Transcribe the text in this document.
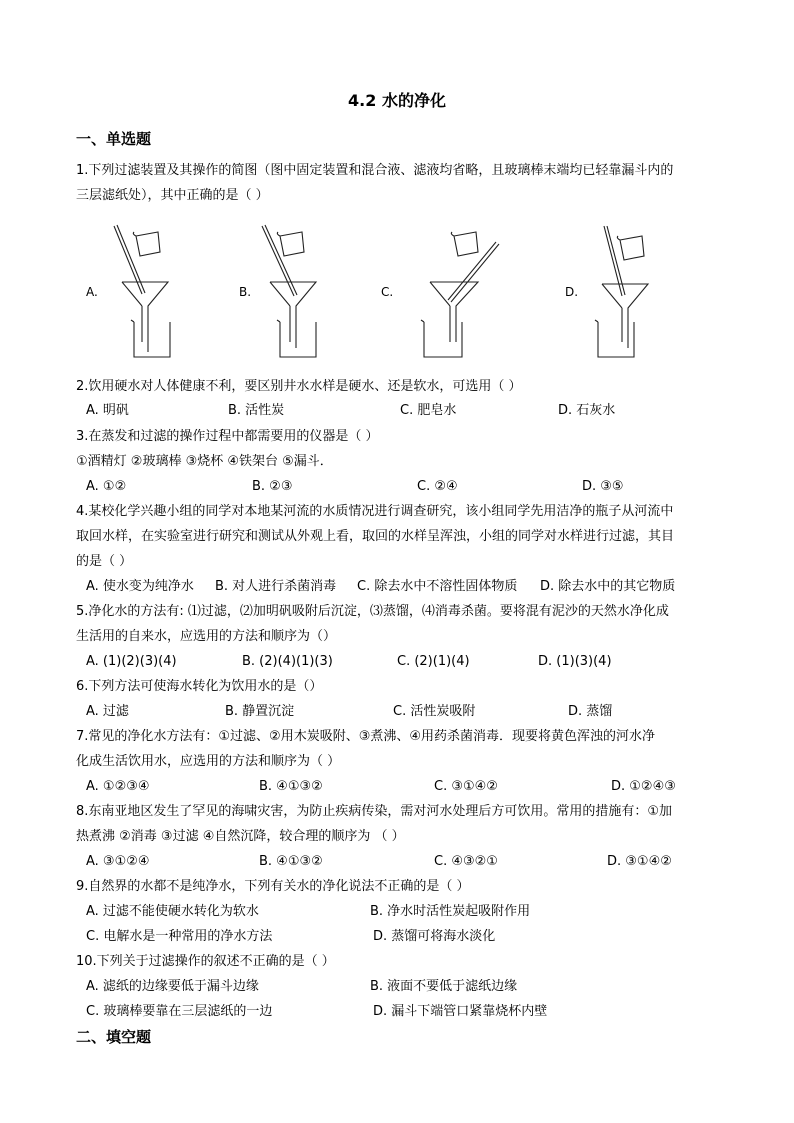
4.2 水的净化
一、单选题
1.下列过滤装置及其操作的简图（图中固定装置和混合液、滤液均省略，且玻璃棒末端均已轻靠漏斗内的
三层滤纸处），其中正确的是（ ）
A.	B.	C.	D.
2.饮用硬水对人体健康不利，要区别井水水样是硬水、还是软水，可选用（ ）
A. 明矾	B. 活性炭	C. 肥皂水	D. 石灰水
3.在蒸发和过滤的操作过程中都需要用的仪器是（ ）
①酒精灯 ②玻璃棒 ③烧杯 ④铁架台 ⑤漏斗．
A. ①②	B. ②③	C. ②④	D. ③⑤
4.某校化学兴趣小组的同学对本地某河流的水质情况进行调查研究，该小组同学先用洁净的瓶子从河流中
取回水样，在实验室进行研究和测试从外观上看，取回的水样呈浑浊，小组的同学对水样进行过滤，其目
的是（ ）
A. 使水变为纯净水 B. 对人进行杀菌消毒 C. 除去水中不溶性固体物质 D. 除去水中的其它物质
5.净化水的方法有: ⑴过滤，⑵加明矾吸附后沉淀，⑶蒸馏，⑷消毒杀菌。要将混有泥沙的天然水净化成
生活用的自来水，应选用的方法和顺序为（）
A. (1)(2)(3)(4)	B. (2)(4)(1)(3)	C. (2)(1)(4)	D. (1)(3)(4)
6.下列方法可使海水转化为饮用水的是（）
A. 过滤	B. 静置沉淀	C. 活性炭吸附	D. 蒸馏
7.常见的净化水方法有：①过滤、②用木炭吸附、③煮沸、④用药杀菌消毒．现要将黄色浑浊的河水净
化成生活饮用水，应选用的方法和顺序为（ ）
A. ①②③④	B. ④①③②	C. ③①④②	D. ①②④③
8.东南亚地区发生了罕见的海啸灾害，为防止疾病传染，需对河水处理后方可饮用。常用的措施有：①加
热煮沸 ②消毒 ③过滤 ④自然沉降，较合理的顺序为 （ ）
A. ③①②④	B. ④①③②	C. ④③②①	D. ③①④②
9.自然界的水都不是纯净水，下列有关水的净化说法不正确的是（ ）
A. 过滤不能使硬水转化为软水	B. 净水时活性炭起吸附作用
C. 电解水是一种常用的净水方法	D. 蒸馏可将海水淡化
10.下列关于过滤操作的叙述不正确的是（ ）
A. 滤纸的边缘要低于漏斗边缘	B. 液面不要低于滤纸边缘
C. 玻璃棒要靠在三层滤纸的一边	D. 漏斗下端管口紧靠烧杯内壁
二、填空题
